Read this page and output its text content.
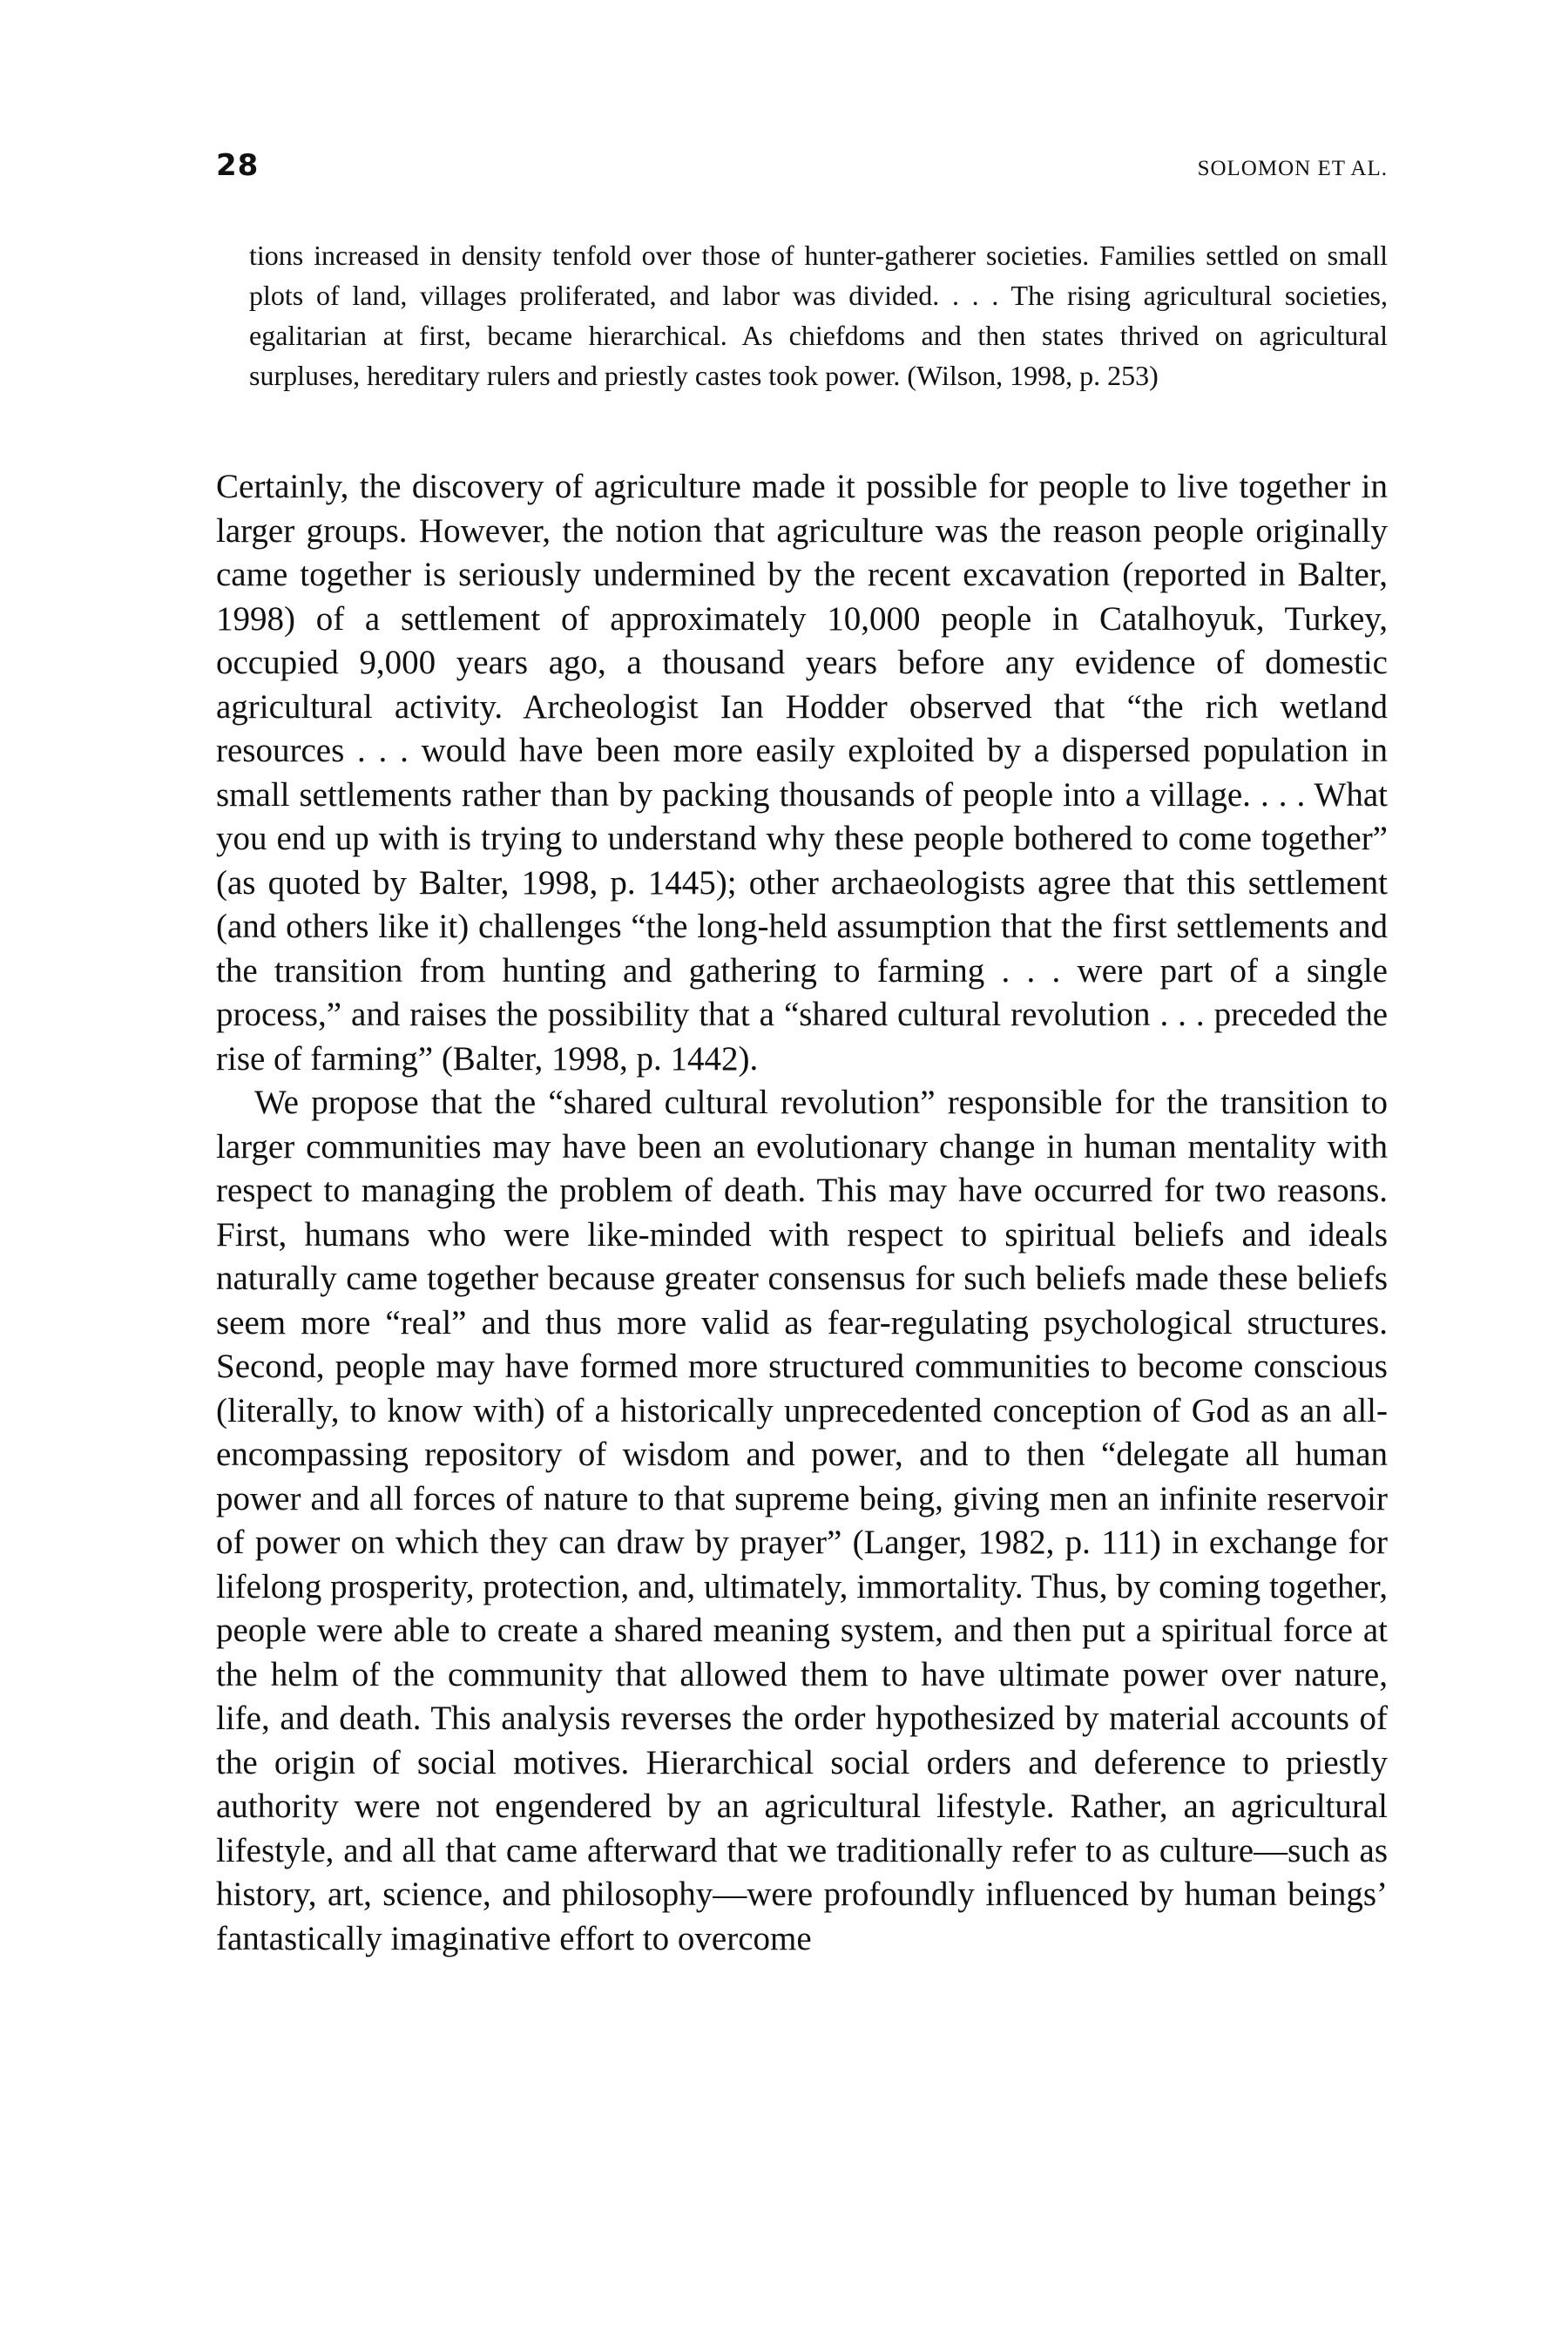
28	SOLOMON ET AL.

tions increased in density tenfold over those of hunter-gatherer societies. Families settled on small plots of land, villages proliferated, and labor was divided. . . . The rising agricultural societies, egalitarian at first, became hierarchical. As chiefdoms and then states thrived on agricultural surpluses, hereditary rulers and priestly castes took power. (Wilson, 1998, p. 253)

Certainly, the discovery of agriculture made it possible for people to live together in larger groups. However, the notion that agriculture was the reason people originally came together is seriously undermined by the recent excavation (reported in Balter, 1998) of a settlement of approximately 10,000 people in Catalhoyuk, Turkey, occupied 9,000 years ago, a thousand years before any evidence of domestic agricultural activity. Archeologist Ian Hodder observed that “the rich wetland resources . . . would have been more easily exploited by a dispersed population in small settlements rather than by packing thousands of people into a village. . . . What you end up with is trying to understand why these people bothered to come together” (as quoted by Balter, 1998, p. 1445); other archaeologists agree that this settlement (and others like it) challenges “the long-held assumption that the first settlements and the transition from hunting and gathering to farming . . . were part of a single process,” and raises the possibility that a “shared cultural revolution . . . preceded the rise of farming” (Balter, 1998, p. 1442).

We propose that the “shared cultural revolution” responsible for the transition to larger communities may have been an evolutionary change in human mentality with respect to managing the problem of death. This may have occurred for two reasons. First, humans who were like-minded with respect to spiritual beliefs and ideals naturally came together because greater consensus for such beliefs made these beliefs seem more “real” and thus more valid as fear-regulating psychological structures. Second, people may have formed more structured communities to become conscious (literally, to know with) of a historically unprecedented conception of God as an all-encompassing repository of wisdom and power, and to then “delegate all human power and all forces of nature to that supreme being, giving men an infinite reservoir of power on which they can draw by prayer” (Langer, 1982, p. 111) in exchange for lifelong prosperity, protection, and, ultimately, immortality. Thus, by coming together, people were able to create a shared meaning system, and then put a spiritual force at the helm of the community that allowed them to have ultimate power over nature, life, and death. This analysis reverses the order hypothesized by material accounts of the origin of social motives. Hierarchical social orders and deference to priestly authority were not engendered by an agricultural lifestyle. Rather, an agricultural lifestyle, and all that came afterward that we traditionally refer to as culture—such as history, art, science, and philosophy—were profoundly influenced by human beings’ fantastically imaginative effort to overcome
